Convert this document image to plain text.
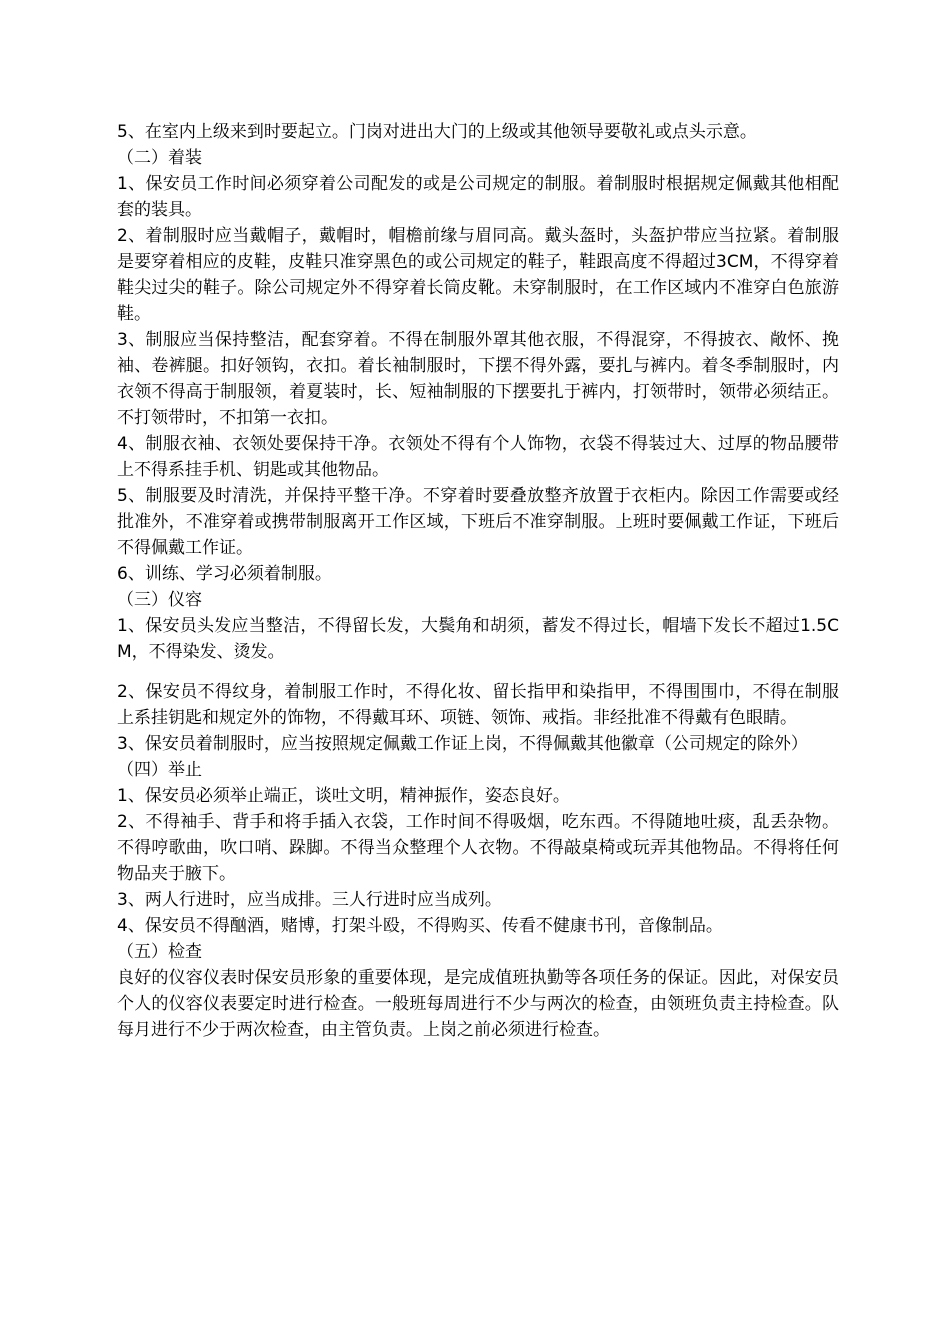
5、在室内上级来到时要起立。门岗对进出大门的上级或其他领导要敬礼或点头示意。

（二）着装

1、保安员工作时间必须穿着公司配发的或是公司规定的制服。着制服时根据规定佩戴其他相配套的装具。

2、着制服时应当戴帽子，戴帽时，帽檐前缘与眉同高。戴头盔时，头盔护带应当拉紧。着制服是要穿着相应的皮鞋，皮鞋只准穿黑色的或公司规定的鞋子，鞋跟高度不得超过3CM，不得穿着鞋尖过尖的鞋子。除公司规定外不得穿着长筒皮靴。未穿制服时，在工作区域内不准穿白色旅游鞋。

3、制服应当保持整洁，配套穿着。不得在制服外罩其他衣服，不得混穿，不得披衣、敞怀、挽袖、卷裤腿。扣好领钩，衣扣。着长袖制服时，下摆不得外露，要扎与裤内。着冬季制服时，内衣领不得高于制服领，着夏装时，长、短袖制服的下摆要扎于裤内，打领带时，领带必须结正。不打领带时，不扣第一衣扣。

4、制服衣袖、衣领处要保持干净。衣领处不得有个人饰物，衣袋不得装过大、过厚的物品腰带上不得系挂手机、钥匙或其他物品。

5、制服要及时清洗，并保持平整干净。不穿着时要叠放整齐放置于衣柜内。除因工作需要或经批准外，不准穿着或携带制服离开工作区域，下班后不准穿制服。上班时要佩戴工作证，下班后不得佩戴工作证。

6、训练、学习必须着制服。

（三）仪容

1、保安员头发应当整洁，不得留长发，大鬓角和胡须，蓄发不得过长，帽墙下发长不超过1.5CM，不得染发、烫发。

2、保安员不得纹身，着制服工作时，不得化妆、留长指甲和染指甲，不得围围巾，不得在制服上系挂钥匙和规定外的饰物，不得戴耳环、项链、领饰、戒指。非经批准不得戴有色眼睛。

3、保安员着制服时，应当按照规定佩戴工作证上岗，不得佩戴其他徽章（公司规定的除外）

（四）举止

1、保安员必须举止端正，谈吐文明，精神振作，姿态良好。

2、不得袖手、背手和将手插入衣袋，工作时间不得吸烟，吃东西。不得随地吐痰，乱丢杂物。不得哼歌曲，吹口哨、跺脚。不得当众整理个人衣物。不得敲桌椅或玩弄其他物品。不得将任何物品夹于腋下。

3、两人行进时，应当成排。三人行进时应当成列。

4、保安员不得酗酒，赌博，打架斗殴，不得购买、传看不健康书刊，音像制品。

（五）检查

良好的仪容仪表时保安员形象的重要体现，是完成值班执勤等各项任务的保证。因此，对保安员个人的仪容仪表要定时进行检查。一般班每周进行不少与两次的检查，由领班负责主持检查。队每月进行不少于两次检查，由主管负责。上岗之前必须进行检查。
